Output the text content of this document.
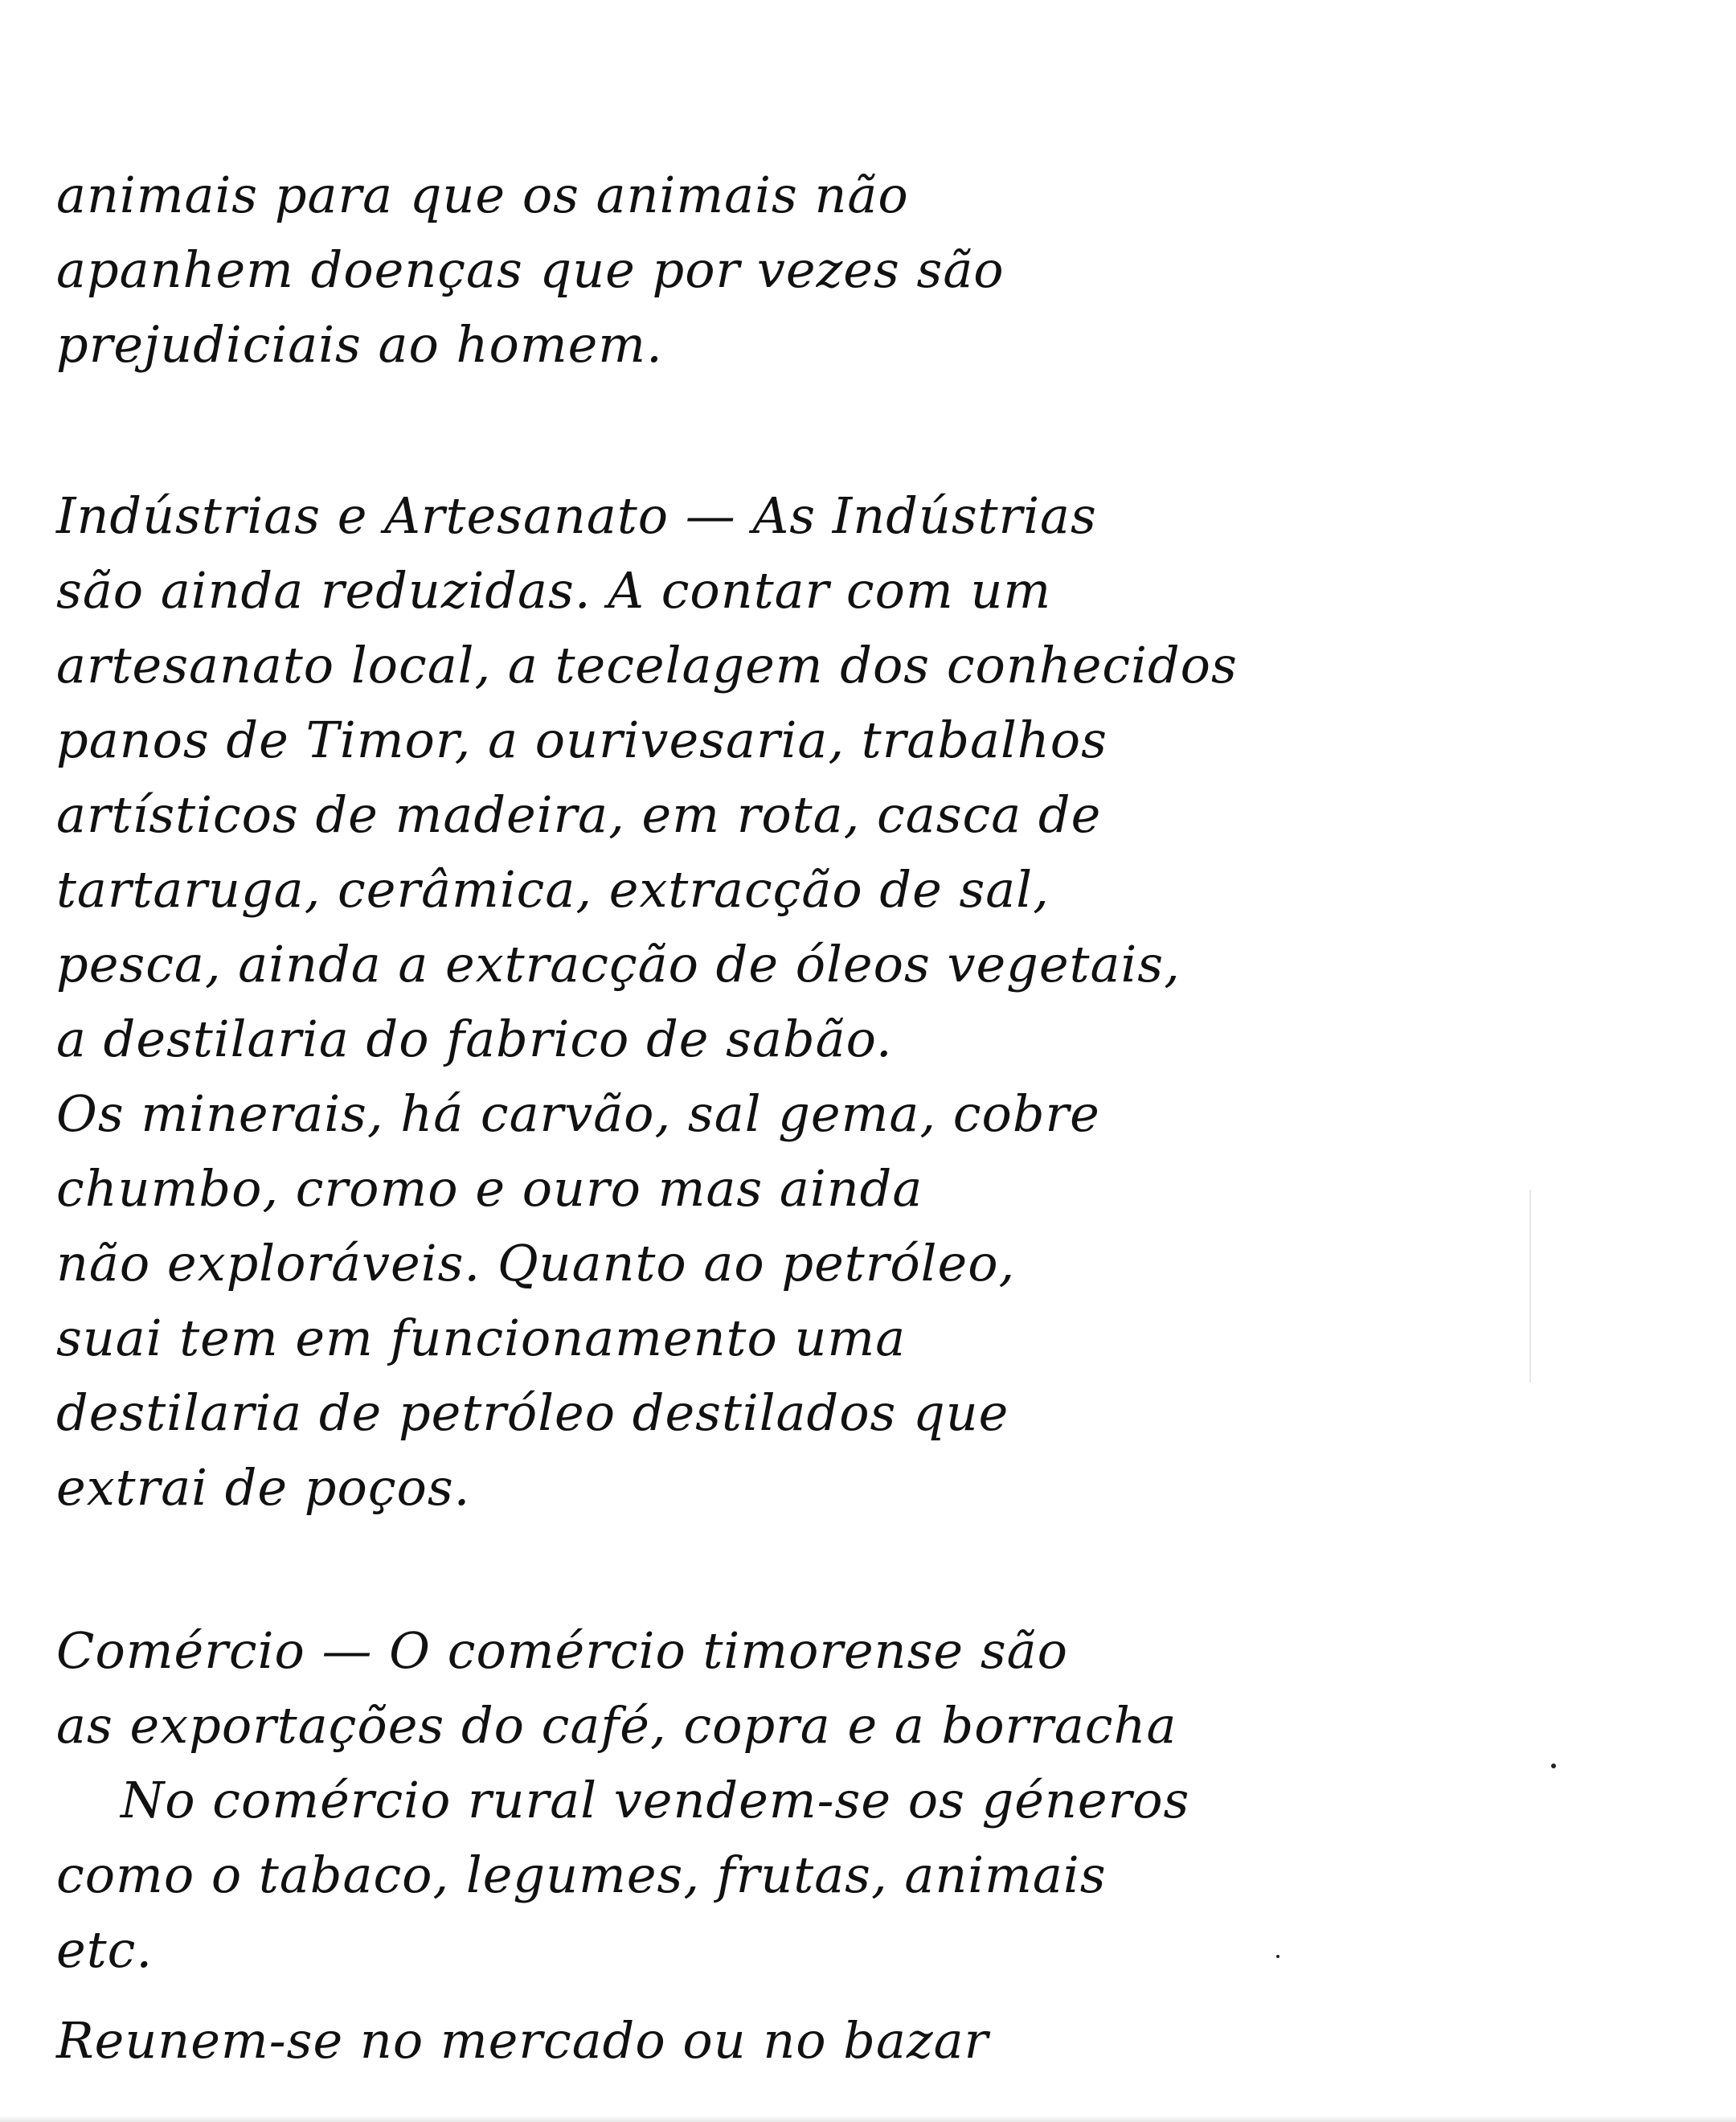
animais para que os animais não
apanhem doenças que por vezes são
prejudiciais ao homem.
Indústrias e Artesanato — As Indústrias
são ainda reduzidas. A contar com um
artesanato local, a tecelagem dos conhecidos
panos de Timor, a ourivesaria, trabalhos
artísticos de madeira, em rota, casca de
tartaruga, cerâmica, extracção de sal,
pesca, ainda a extracção de óleos vegetais,
a destilaria do fabrico de sabão.
Os minerais, há carvão, sal gema, cobre
chumbo, cromo e ouro mas ainda
não exploráveis. Quanto ao petróleo,
suai tem em funcionamento uma
destilaria de petróleo destilados que
extrai de poços.
Comércio — O comércio timorense são
as exportações do café, copra e a borracha
No comércio rural vendem-se os géneros
como o tabaco, legumes, frutas, animais
etc.
Reunem-se no mercado ou no bazar
